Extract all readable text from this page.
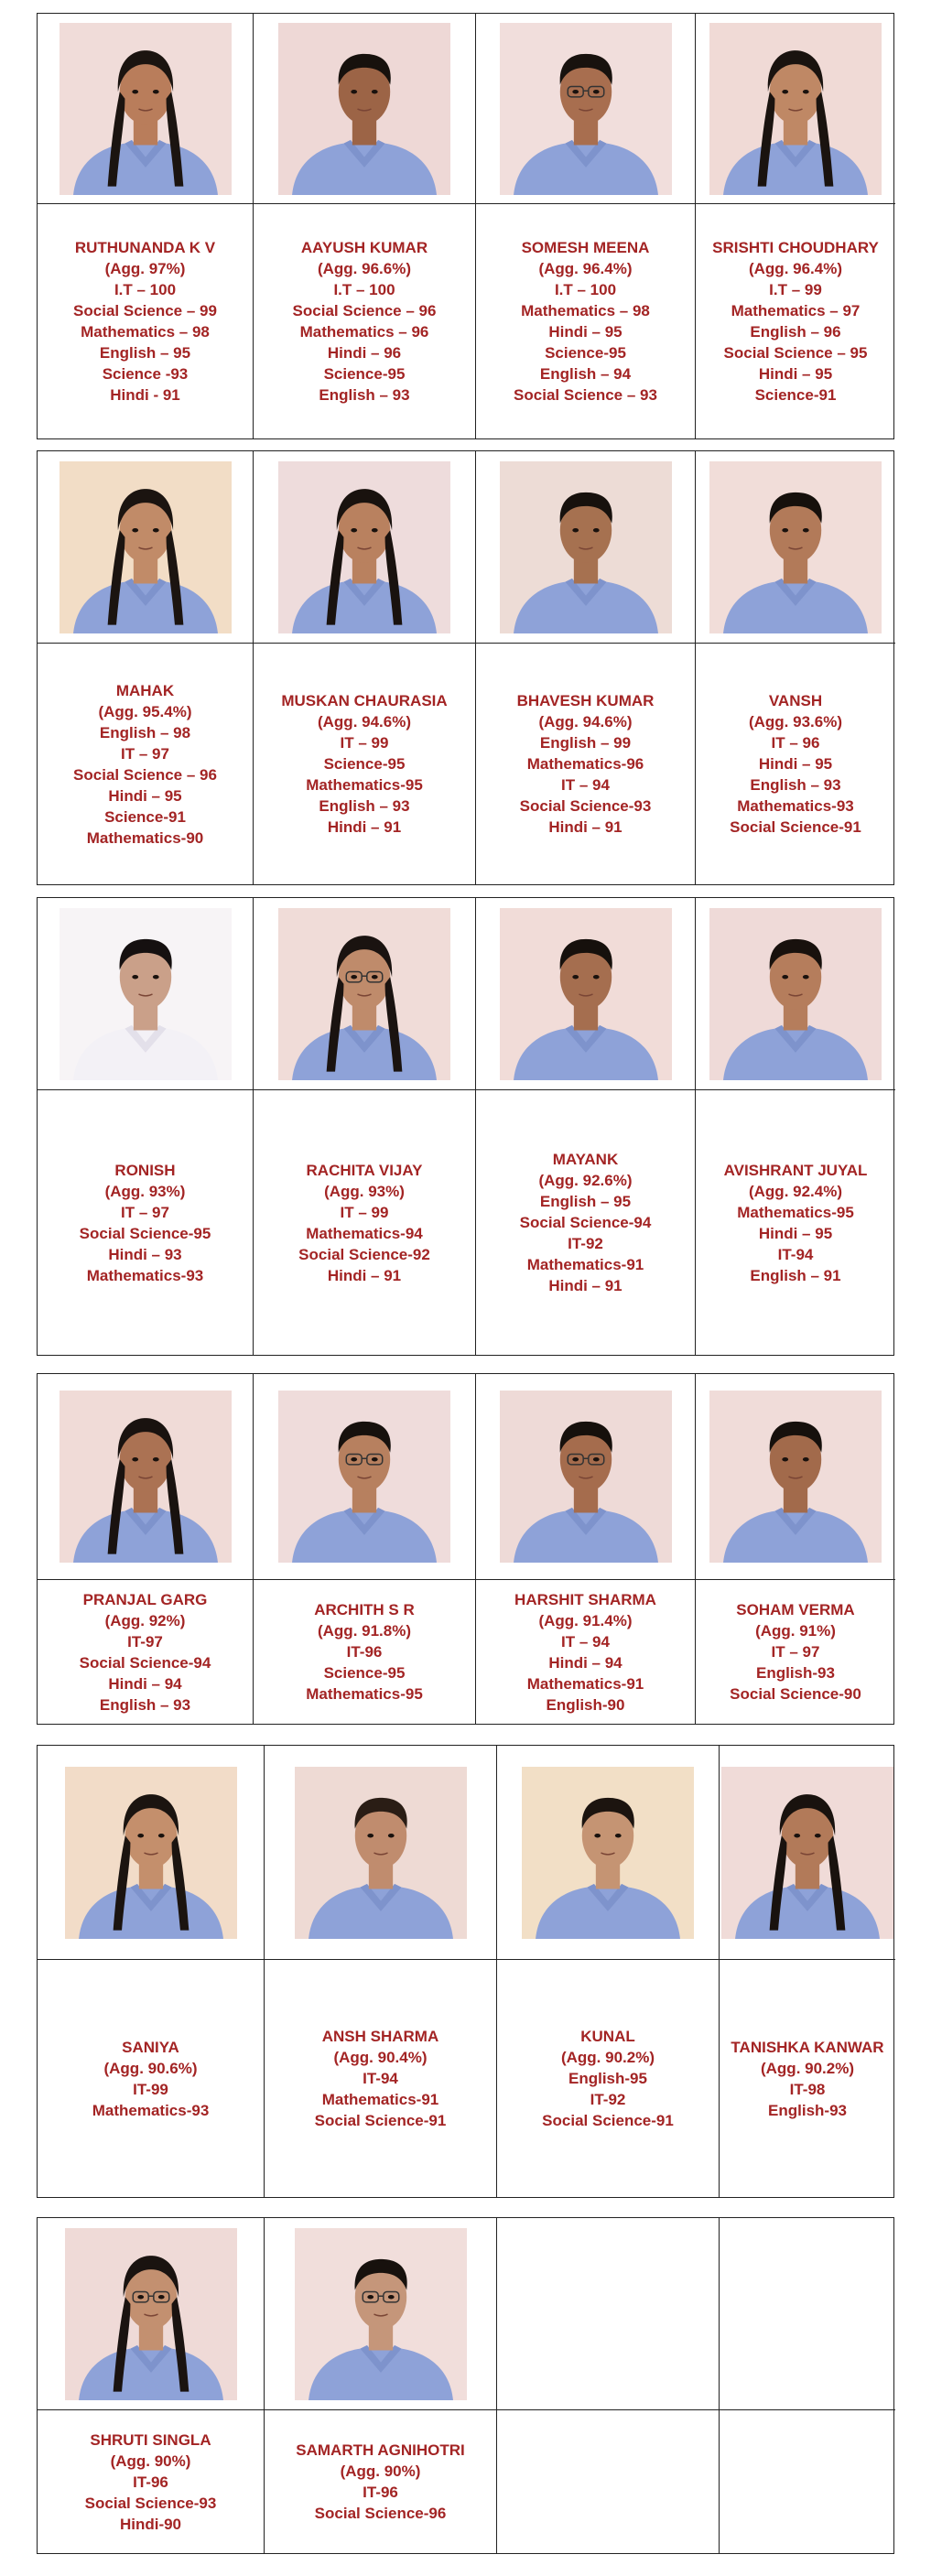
RUTHUNANDA K V
(Agg. 97%)
I.T – 100
Social Science – 99
Mathematics – 98
English – 95
Science -93
Hindi - 91
AAYUSH KUMAR
(Agg. 96.6%)
I.T – 100
Social Science – 96
Mathematics – 96
Hindi – 96
Science-95
English – 93
SOMESH MEENA
(Agg. 96.4%)
I.T – 100
Mathematics – 98
Hindi – 95
Science-95
English – 94
Social Science – 93
SRISHTI CHOUDHARY
(Agg. 96.4%)
I.T – 99
Mathematics – 97
English – 96
Social Science – 95
Hindi – 95
Science-91
MAHAK
(Agg. 95.4%)
English – 98
IT – 97
Social Science – 96
Hindi – 95
Science-91
Mathematics-90
MUSKAN CHAURASIA
(Agg. 94.6%)
IT – 99
Science-95
Mathematics-95
English – 93
Hindi – 91
BHAVESH KUMAR
(Agg. 94.6%)
English – 99
Mathematics-96
IT – 94
Social Science-93
Hindi – 91
VANSH
(Agg. 93.6%)
IT – 96
Hindi – 95
English – 93
Mathematics-93
Social Science-91
RONISH
(Agg. 93%)
IT – 97
Social Science-95
Hindi – 93
Mathematics-93
RACHITA VIJAY
(Agg. 93%)
IT – 99
Mathematics-94
Social Science-92
Hindi – 91
MAYANK
(Agg. 92.6%)
English – 95
Social Science-94
IT-92
Mathematics-91
Hindi – 91
AVISHRANT JUYAL
(Agg. 92.4%)
Mathematics-95
Hindi – 95
IT-94
English – 91
PRANJAL GARG
(Agg. 92%)
IT-97
Social Science-94
Hindi – 94
English – 93
ARCHITH S R
(Agg. 91.8%)
IT-96
Science-95
Mathematics-95
HARSHIT SHARMA
(Agg. 91.4%)
IT – 94
Hindi – 94
Mathematics-91
English-90
SOHAM VERMA
(Agg. 91%)
IT – 97
English-93
Social Science-90
SANIYA
(Agg. 90.6%)
IT-99
Mathematics-93
ANSH SHARMA
(Agg. 90.4%)
IT-94
Mathematics-91
Social Science-91
KUNAL
(Agg. 90.2%)
English-95
IT-92
Social Science-91
TANISHKA KANWAR
(Agg. 90.2%)
IT-98
English-93
SHRUTI SINGLA
(Agg. 90%)
IT-96
Social Science-93
Hindi-90
SAMARTH AGNIHOTRI
(Agg. 90%)
IT-96
Social Science-96
